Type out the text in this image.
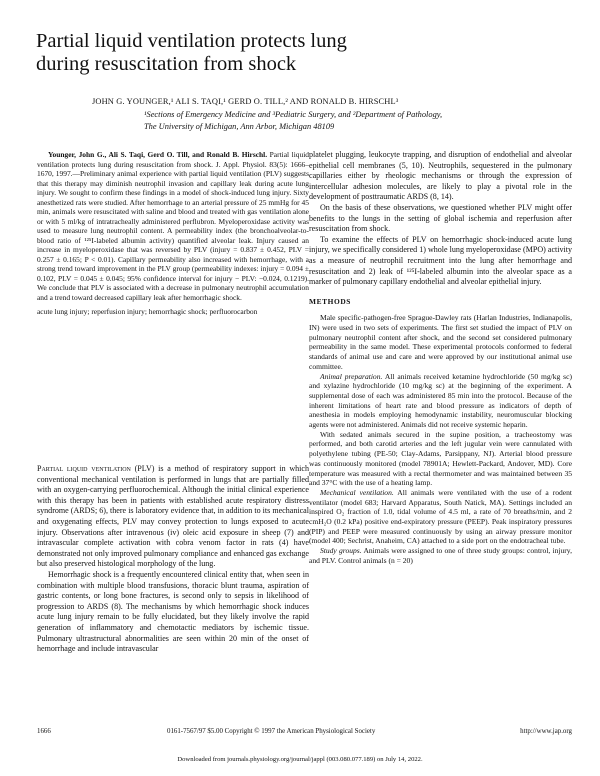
Partial liquid ventilation protects lung
during resuscitation from shock
JOHN G. YOUNGER,¹ ALI S. TAQI,¹ GERD O. TILL,² AND RONALD B. HIRSCHL³
¹Sections of Emergency Medicine and ³Pediatric Surgery, and ²Department of Pathology,
The University of Michigan, Ann Arbor, Michigan 48109

Younger, John G., Ali S. Taqi, Gerd O. Till, and Ronald B. Hirschl. Partial liquid ventilation protects lung during resuscitation from shock. J. Appl. Physiol. 83(5): 1666–1670, 1997.—Preliminary animal experience with partial liquid ventilation (PLV) suggests that this therapy may diminish neutrophil invasion and capillary leak during acute lung injury. We sought to confirm these findings in a model of shock-induced lung injury. Sixty anesthetized rats were studied. After hemorrhage to an arterial pressure of 25 mmHg for 45 min, animals were resuscitated with saline and blood and treated with gas ventilation alone or with 5 ml/kg of intratracheally administered perflubron. Myeloperoxidase activity was used to measure lung neutrophil content. A permeability index (the bronchoalveolar-to-blood ratio of ¹²⁵I-labeled albumin activity) quantified alveolar leak. Injury caused an increase in myeloperoxidase that was reversed by PLV (injury = 0.837 ± 0.452, PLV = 0.257 ± 0.165; P < 0.01). Capillary permeability also increased with hemorrhage, with a strong trend toward improvement in the PLV group (permeability indexes: injury = 0.094 ± 0.102, PLV = 0.045 ± 0.045; 95% confidence interval for injury − PLV: −0.024, 0.1219). We conclude that PLV is associated with a decrease in pulmonary neutrophil accumulation and a trend toward decreased capillary leak after hemorrhagic shock.

acute lung injury; reperfusion injury; hemorrhagic shock; perfluorocarbon

Partial liquid ventilation (PLV) is a method of respiratory support in which conventional mechanical ventilation is performed in lungs that are partially filled with an oxygen-carrying perfluorochemical. Although the initial clinical experience with this therapy has been in patients with established acute respiratory distress syndrome (ARDS; 6), there is laboratory evidence that, in addition to its mechanical and oxygenating effects, PLV may convey protection to lungs exposed to acute injury. Observations after intravenous (iv) oleic acid exposure in sheep (7) and intravascular complete activation with cobra venom factor in rats (4) have demonstrated not only improved pulmonary compliance and enhanced gas exchange but also preserved histological morphology of the lung.

Hemorrhagic shock is a frequently encountered clinical entity that, when seen in combination with multiple blood transfusions, thoracic blunt trauma, aspiration of gastric contents, or long bone fractures, is second only to sepsis in likelihood of progression to ARDS (8). The mechanisms by which hemorrhagic shock induces acute lung injury remain to be fully elucidated, but they likely involve the rapid generation of inflammatory and chemotactic mediators by ischemic tissue. Pulmonary ultrastructural abnormalities are seen within 20 min of the onset of hemorrhage and include intravascular

platelet plugging, leukocyte trapping, and disruption of endothelial and alveolar epithelial cell membranes (5, 10). Neutrophils, sequestered in the pulmonary capillaries either by rheologic mechanisms or through the expression of intercellular adhesion molecules, are likely to play a pivotal role in the development of posttraumatic ARDS (8, 14).

On the basis of these observations, we questioned whether PLV might offer benefits to the lungs in the setting of global ischemia and reperfusion after resuscitation from shock.

To examine the effects of PLV on hemorrhagic shock-induced acute lung injury, we specifically considered 1) whole lung myeloperoxidase (MPO) activity as a measure of neutrophil recruitment into the lung after hemorrhage and resuscitation and 2) leak of ¹²⁵I-labeled albumin into the alveolar space as a marker of pulmonary capillary endothelial and alveolar epithelial injury.

METHODS

Male specific-pathogen-free Sprague-Dawley rats (Harlan Industries, Indianapolis, IN) were used in two sets of experiments. The first set studied the impact of PLV on pulmonary neutrophil content after shock, and the second set considered pulmonary permeability in the same model. These experimental protocols conformed to federal standards of animal use and care and were approved by our institutional animal use committee.

Animal preparation. All animals received ketamine hydrochloride (50 mg/kg sc) and xylazine hydrochloride (10 mg/kg sc) at the beginning of the experiment. A supplemental dose of each was administered 85 min into the protocol. Because of the inherent limitations of heart rate and blood pressure as indicators of depth of anesthesia in models employing hemodynamic instability, neuromuscular blocking agents were not administered. Animals did not receive systemic heparin.

With sedated animals secured in the supine position, a tracheostomy was performed, and both carotid arteries and the left jugular vein were cannulated with polyethylene tubing (PE-50; Clay-Adams, Parsippany, NJ). Arterial blood pressure was continuously monitored (model 78901A; Hewlett-Packard, Andover, MD). Core temperature was measured with a rectal thermometer and was maintained between 35 and 37°C with the use of a heating lamp.

Mechanical ventilation. All animals were ventilated with the use of a rodent ventilator (model 683; Harvard Apparatus, South Natick, MA). Settings included an inspired O₂ fraction of 1.0, tidal volume of 4.5 ml, a rate of 70 breaths/min, and 2 cmH₂O (0.2 kPa) positive end-expiratory pressure (PEEP). Peak inspiratory pressures (PIP) and PEEP were measured continuously by using an airway pressure monitor (model 400; Sechrist, Anaheim, CA) attached to a side port on the endotracheal tube.

Study groups. Animals were assigned to one of three study groups: control, injury, and PLV. Control animals (n = 20)

1666	0161-7567/97 $5.00 Copyright © 1997 the American Physiological Society	http://www.jap.org
Downloaded from journals.physiology.org/journal/jappl (003.080.077.189) on July 14, 2022.
